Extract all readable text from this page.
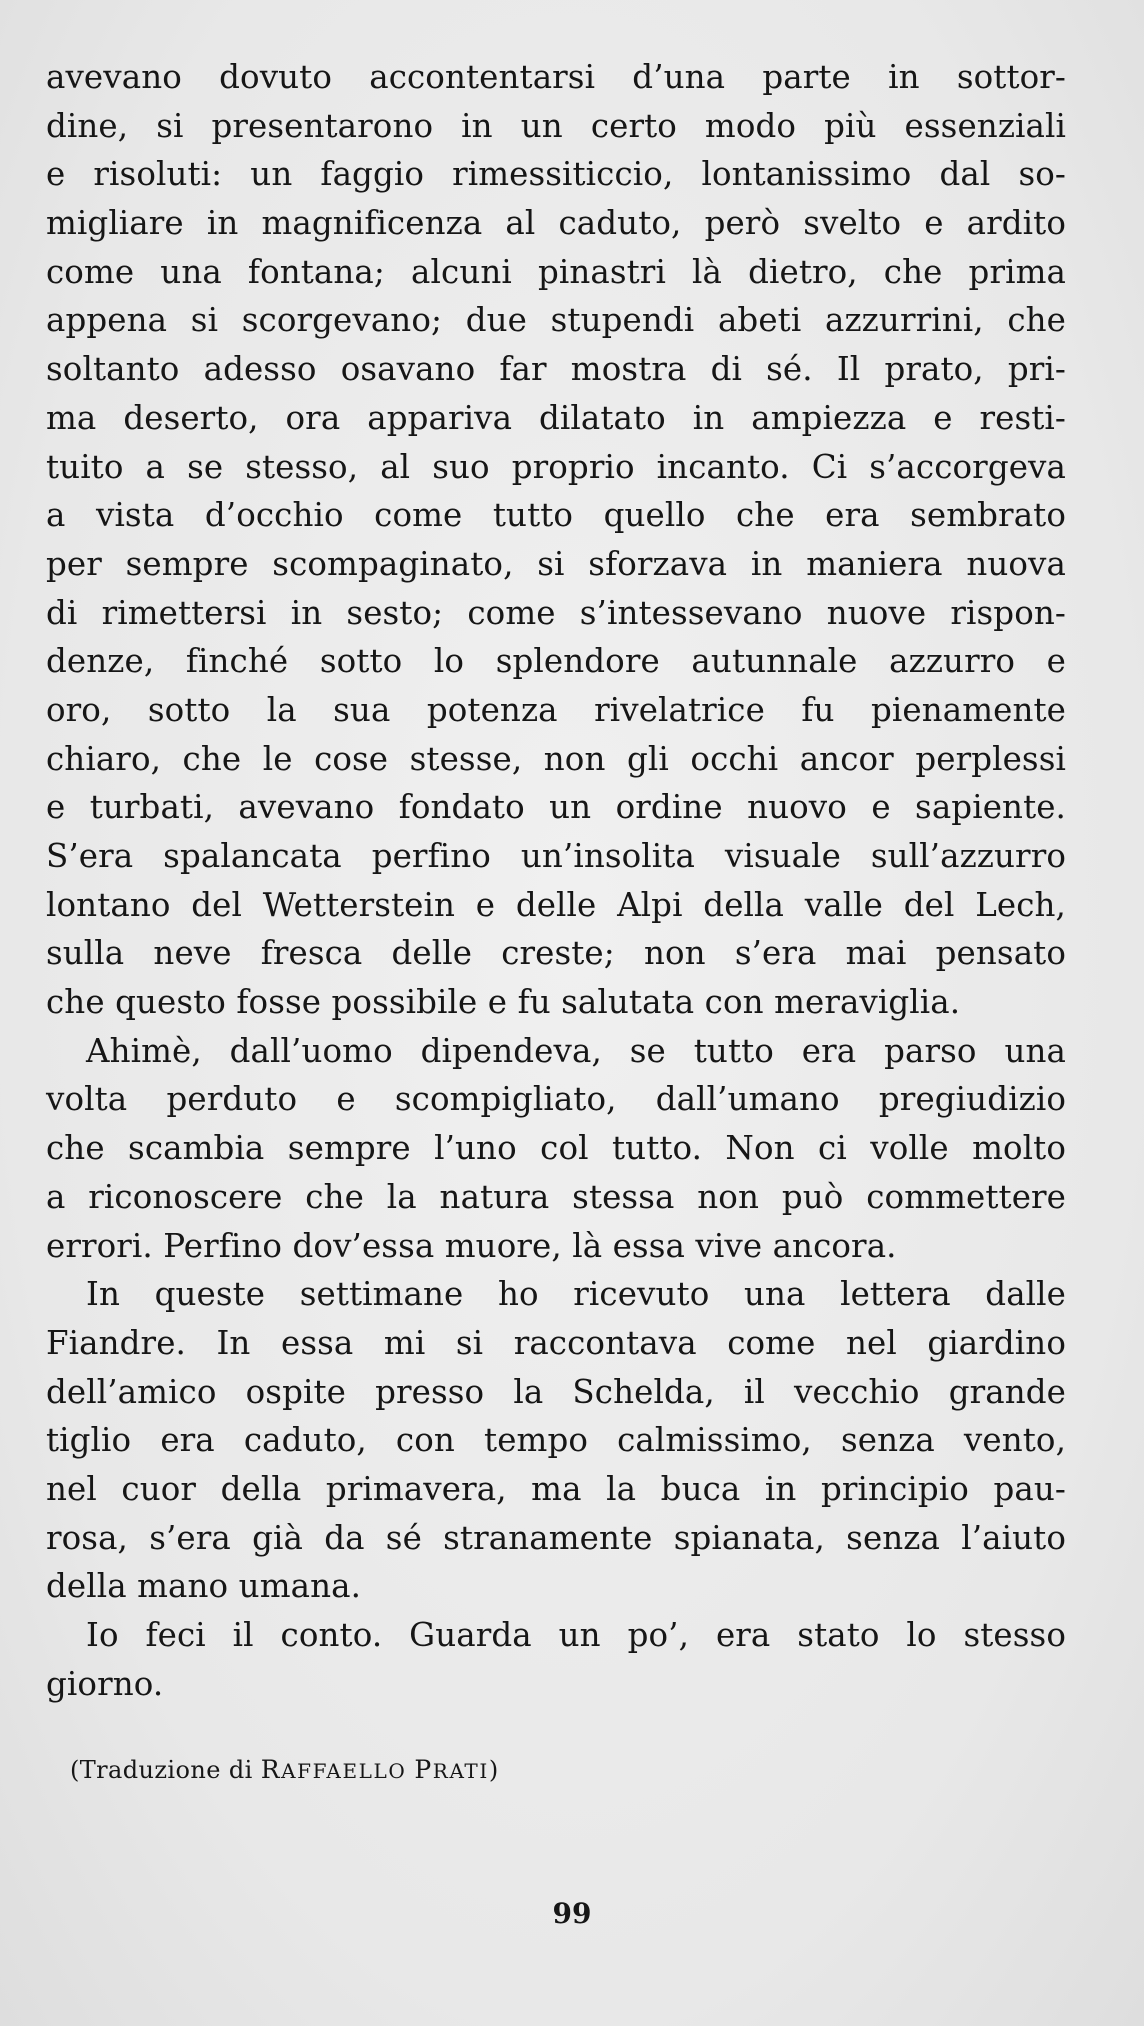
avevano dovuto accontentarsi d’una parte in sottor-
dine, si presentarono in un certo modo più essenziali
e risoluti: un faggio rimessiticcio, lontanissimo dal so-
migliare in magnificenza al caduto, però svelto e ardito
come una fontana; alcuni pinastri là dietro, che prima
appena si scorgevano; due stupendi abeti azzurrini, che
soltanto adesso osavano far mostra di sé. Il prato, pri-
ma deserto, ora appariva dilatato in ampiezza e resti-
tuito a se stesso, al suo proprio incanto. Ci s’accorgeva
a vista d’occhio come tutto quello che era sembrato
per sempre scompaginato, si sforzava in maniera nuova
di rimettersi in sesto; come s’intessevano nuove rispon-
denze, finché sotto lo splendore autunnale azzurro e
oro, sotto la sua potenza rivelatrice fu pienamente
chiaro, che le cose stesse, non gli occhi ancor perplessi
e turbati, avevano fondato un ordine nuovo e sapiente.
S’era spalancata perfino un’insolita visuale sull’azzurro
lontano del Wetterstein e delle Alpi della valle del Lech,
sulla neve fresca delle creste; non s’era mai pensato
che questo fosse possibile e fu salutata con meraviglia.
Ahimè, dall’uomo dipendeva, se tutto era parso una
volta perduto e scompigliato, dall’umano pregiudizio
che scambia sempre l’uno col tutto. Non ci volle molto
a riconoscere che la natura stessa non può commettere
errori. Perfino dov’essa muore, là essa vive ancora.
In queste settimane ho ricevuto una lettera dalle
Fiandre. In essa mi si raccontava come nel giardino
dell’amico ospite presso la Schelda, il vecchio grande
tiglio era caduto, con tempo calmissimo, senza vento,
nel cuor della primavera, ma la buca in principio pau-
rosa, s’era già da sé stranamente spianata, senza l’aiuto
della mano umana.
Io feci il conto. Guarda un po’, era stato lo stesso
giorno.
(Traduzione di RAFFAELLO PRATI)
99
